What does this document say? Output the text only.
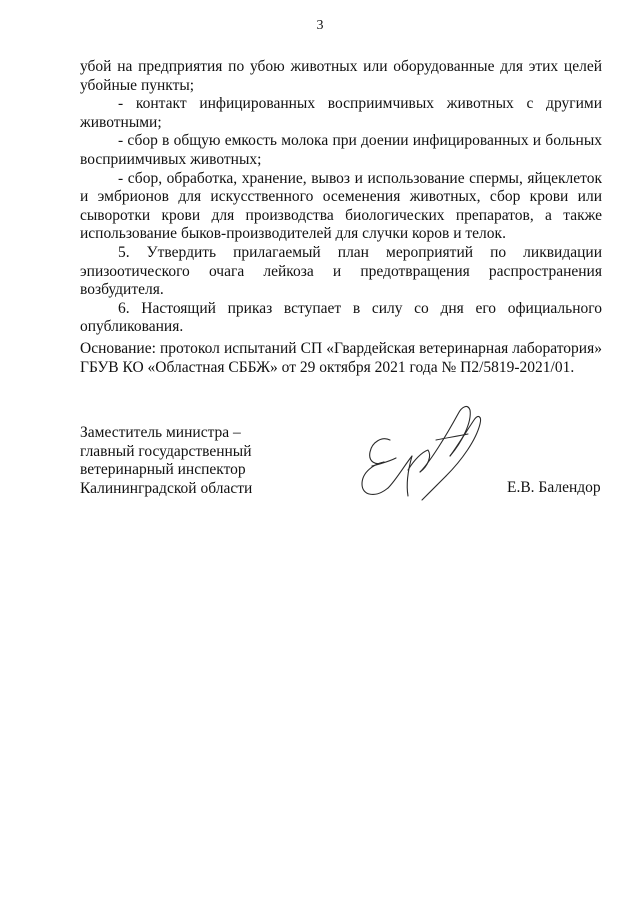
3

убой на предприятия по убою животных или оборудованные для этих целей убойные пункты;

- контакт инфицированных восприимчивых животных с другими животными;

- сбор в общую емкость молока при доении инфицированных и больных восприимчивых животных;

- сбор, обработка, хранение, вывоз и использование спермы, яйцеклеток и эмбрионов для искусственного осеменения животных, сбор крови или сыворотки крови для производства биологических препаратов, а также использование быков-производителей для случки коров и телок.

5. Утвердить прилагаемый план мероприятий по ликвидации эпизоотического очага лейкоза и предотвращения распространения возбудителя.

6. Настоящий приказ вступает в силу со дня его официального опубликования.

Основание: протокол испытаний СП «Гвардейская ветеринарная лаборатория» ГБУВ КО «Областная СББЖ» от 29 октября 2021 года № П2/5819-2021/01.

Заместитель министра –
главный государственный
ветеринарный инспектор
Калининградской области	Е.В. Балендор
